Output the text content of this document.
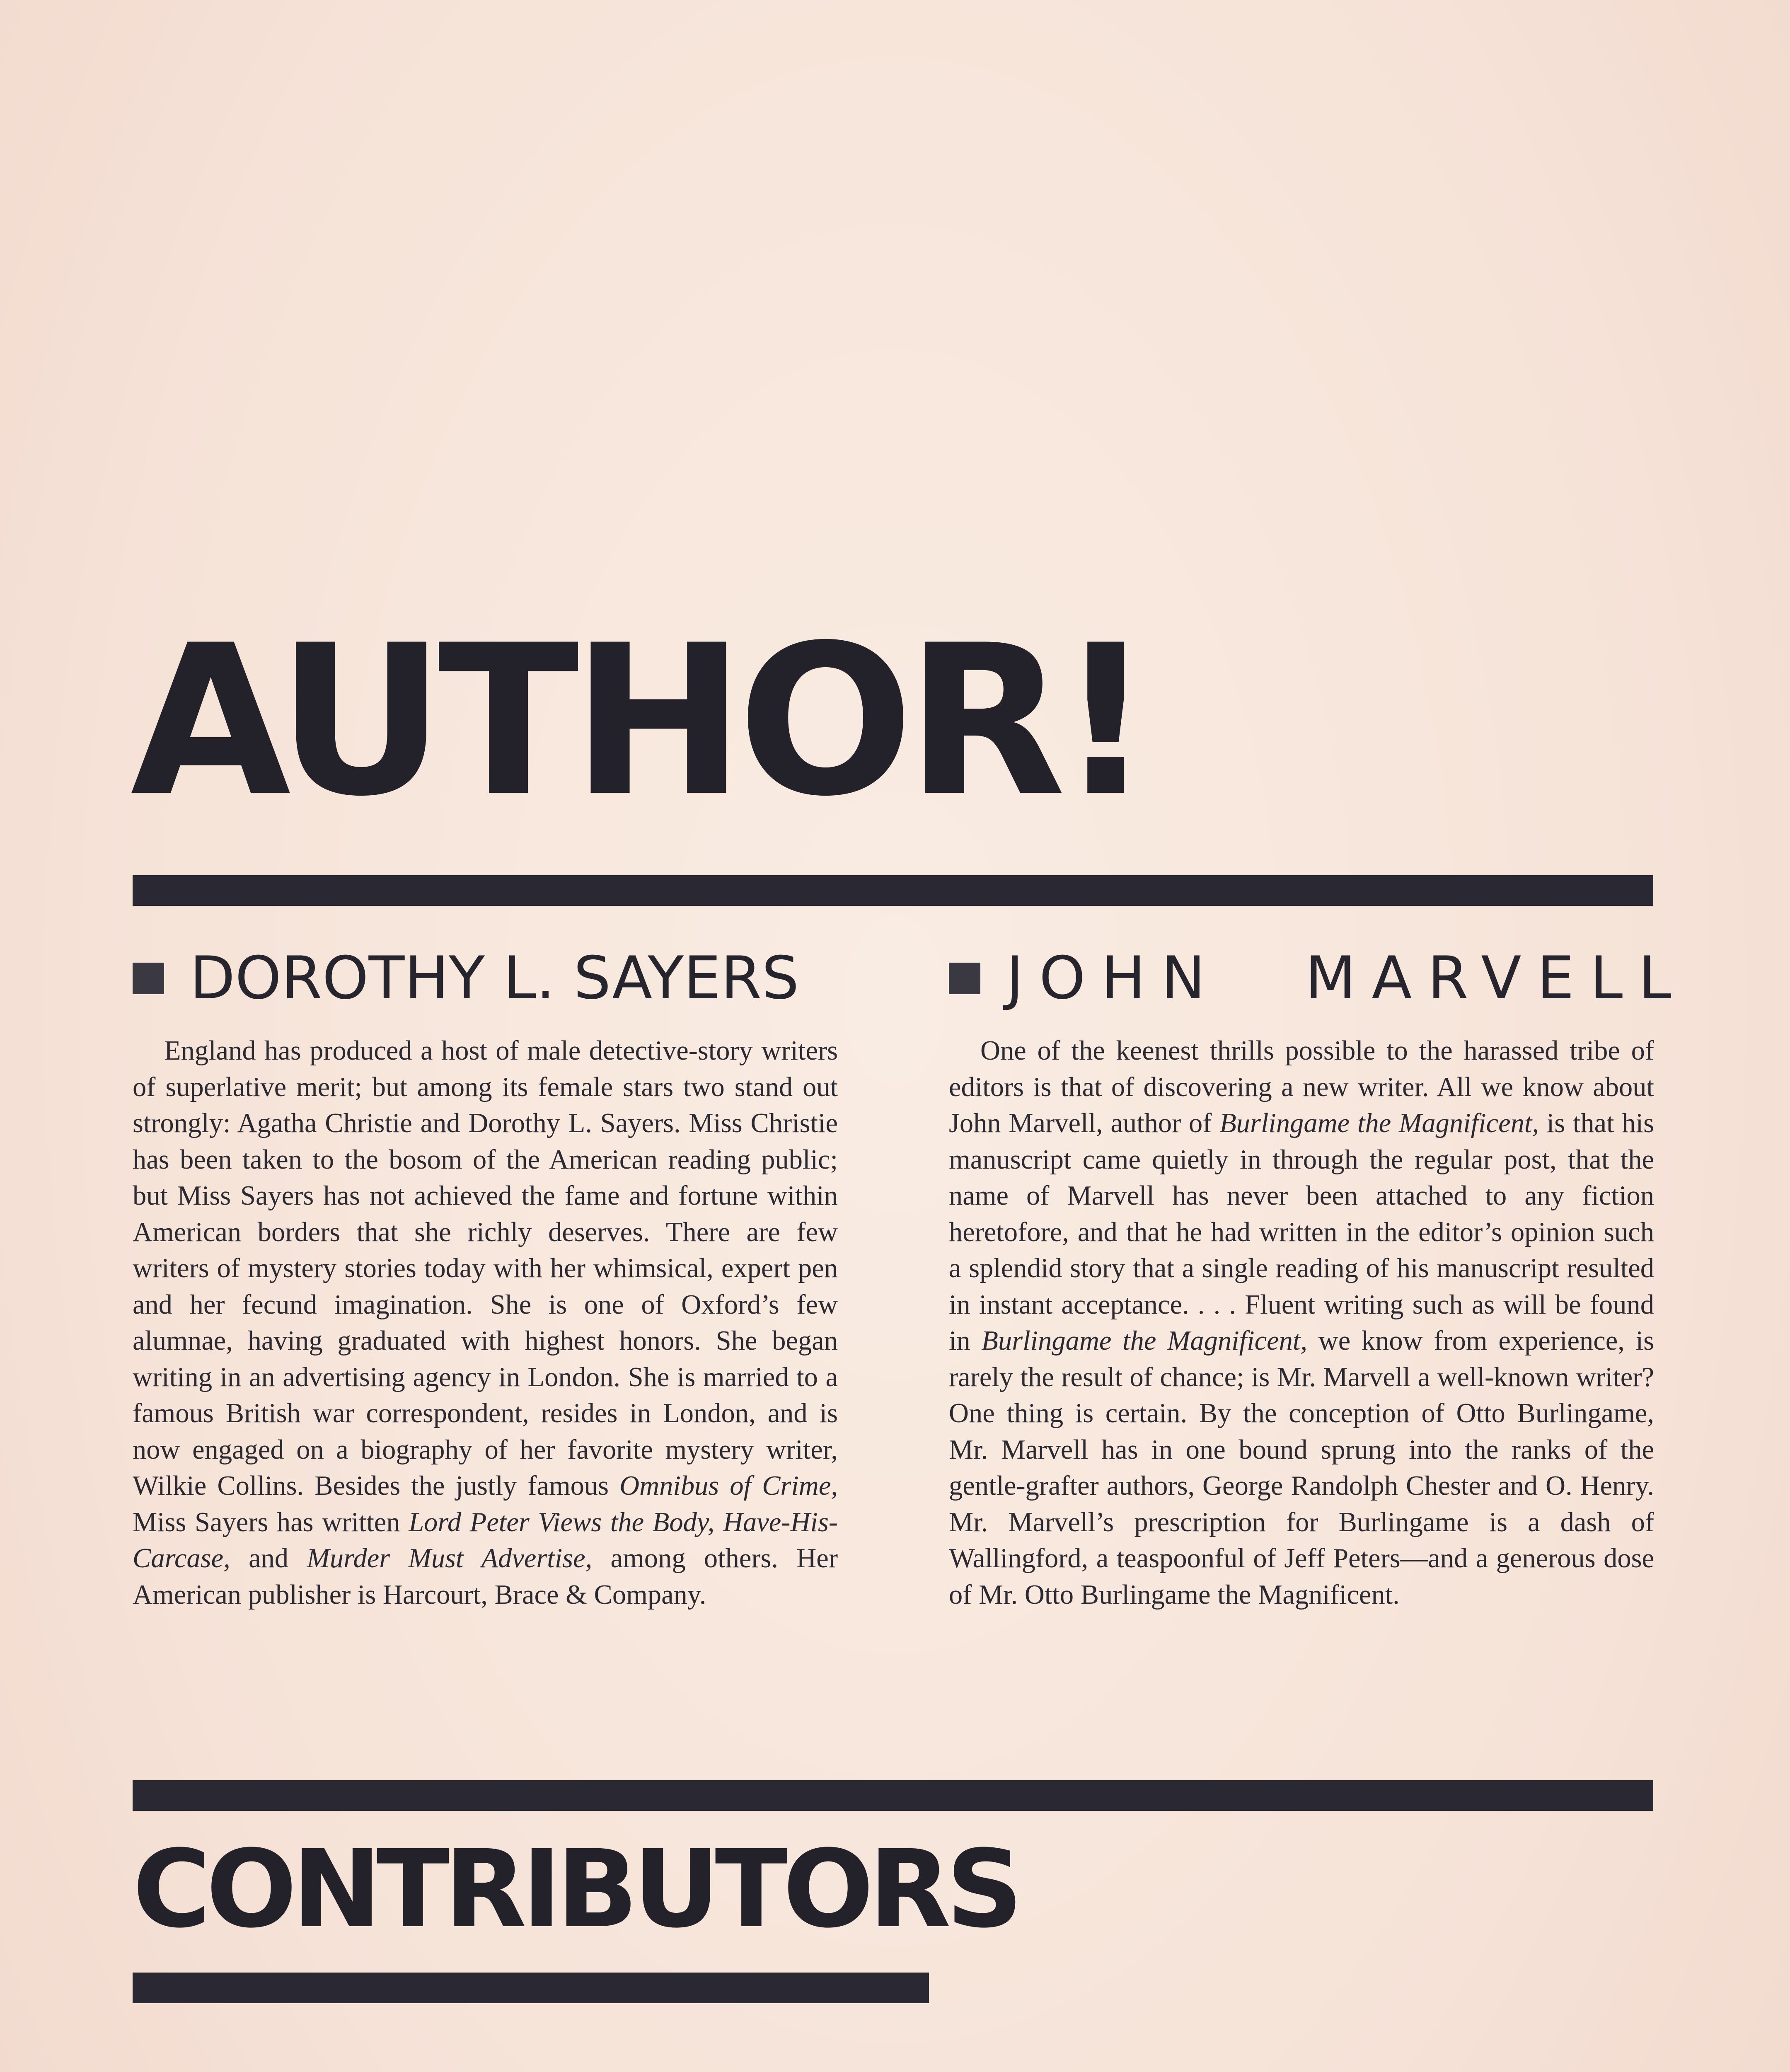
AUTHOR!
DOROTHY L. SAYERS

England has produced a host of male detective-story writers of superlative merit; but among its female stars two stand out strongly: Agatha Christie and Dorothy L. Sayers. Miss Christie has been taken to the bosom of the American reading public; but Miss Sayers has not achieved the fame and fortune within American borders that she richly deserves. There are few writers of mystery stories today with her whimsical, expert pen and her fecund imagination. She is one of Oxford’s few alumnae, having graduated with highest honors. She began writing in an advertising agency in London. She is married to a famous British war correspondent, resides in London, and is now engaged on a biography of her favorite mystery writer, Wilkie Collins. Besides the justly famous Omnibus of Crime, Miss Sayers has written Lord Peter Views the Body, Have-His-Carcase, and Murder Must Advertise, among others. Her American publisher is Harcourt, Brace & Company.

JOHN MARVELL

One of the keenest thrills possible to the harassed tribe of editors is that of discovering a new writer. All we know about John Marvell, author of Burlingame the Magnificent, is that his manuscript came quietly in through the regular post, that the name of Marvell has never been attached to any fiction heretofore, and that he had written in the editor’s opinion such a splendid story that a single reading of his manuscript resulted in instant acceptance. . . . Fluent writing such as will be found in Burlingame the Magnificent, we know from experience, is rarely the result of chance; is Mr. Marvell a well-known writer? One thing is certain. By the conception of Otto Burlingame, Mr. Marvell has in one bound sprung into the ranks of the gentle-grafter authors, George Randolph Chester and O. Henry. Mr. Marvell’s prescription for Burlingame is a dash of Wallingford, a teaspoonful of Jeff Peters—and a generous dose of Mr. Otto Burlingame the Magnificent.

CONTRIBUTORS
